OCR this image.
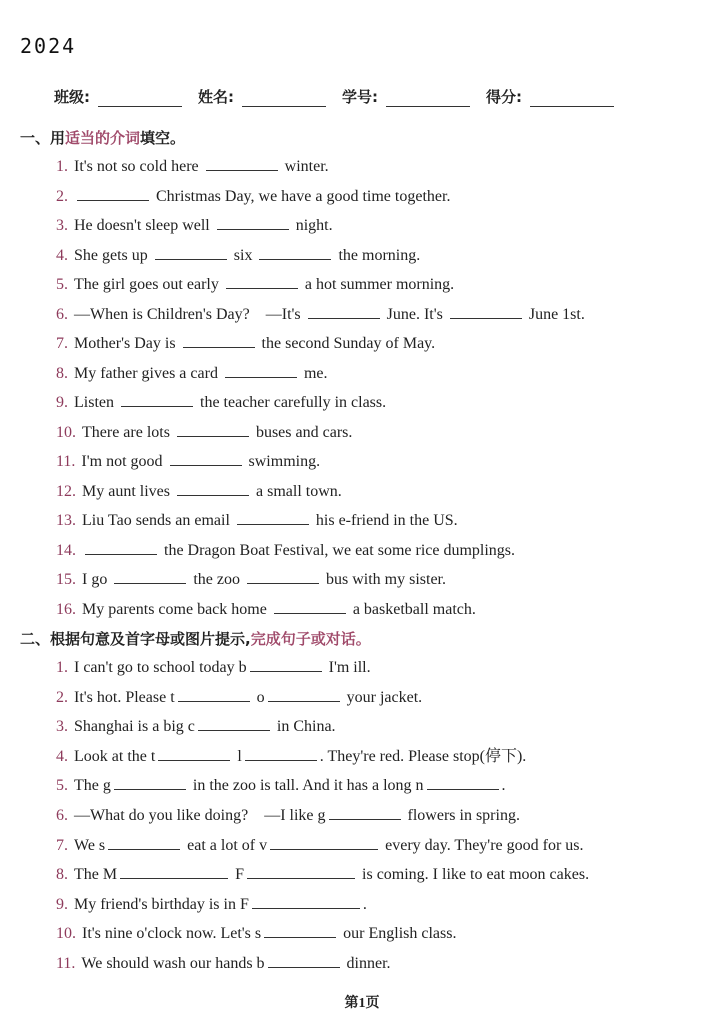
2024
班级:	姓名:	学号:	得分:
一、用适当的介词填空。
1. It's not so cold here	winter.
2.	Christmas Day, we have a good time together.
3. He doesn't sleep well	night.
4. She gets up	six	the morning.
5. The girl goes out early	a hot summer morning.
6. —When is Children's Day?    —It's	June. It's	June 1st.
7. Mother's Day is	the second Sunday of May.
8. My father gives a card	me.
9. Listen	the teacher carefully in class.
10. There are lots	buses and cars.
11. I'm not good	swimming.
12. My aunt lives	a small town.
13. Liu Tao sends an email	his e-friend in the US.
14.	the Dragon Boat Festival, we eat some rice dumplings.
15. I go	the zoo	bus with my sister.
16. My parents come back home	a basketball match.
二、根据句意及首字母或图片提示,完成句子或对话。
1. I can't go to school today b	I'm ill.
2. It's hot. Please t	o	your jacket.
3. Shanghai is a big c	in China.
4. Look at the t	l	. They're red. Please stop(停下).
5. The g	in the zoo is tall. And it has a long n	.
6. —What do you like doing?    —I like g	flowers in spring.
7. We s	eat a lot of v	every day. They're good for us.
8. The M	F	is coming. I like to eat moon cakes.
9. My friend's birthday is in F	.
10. It's nine o'clock now. Let's s	our English class.
11. We should wash our hands b	dinner.
第1页
